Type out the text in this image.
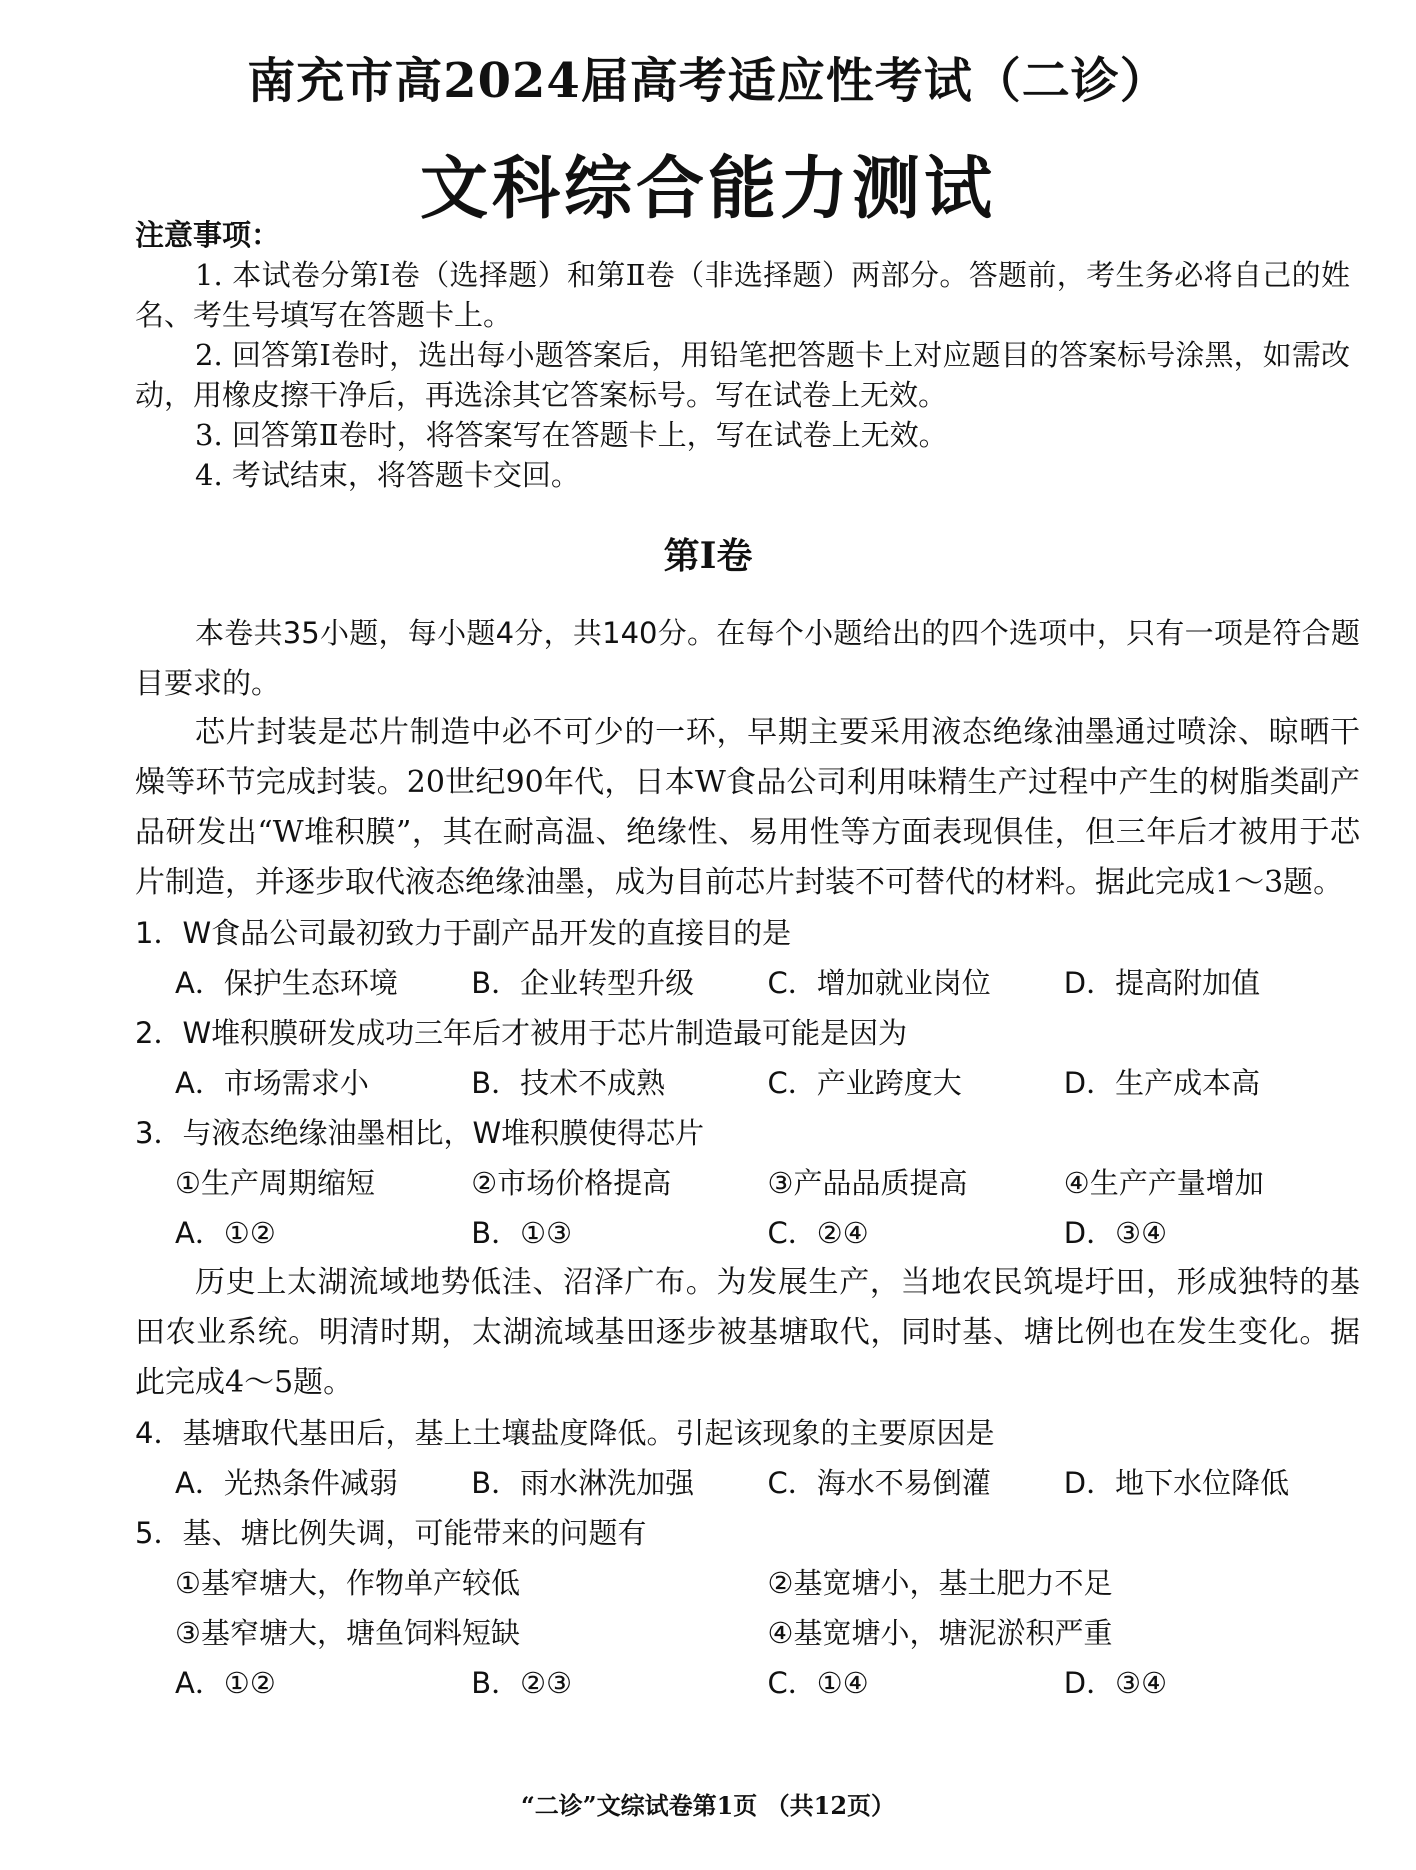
南充市高2024届高考适应性考试（二诊）
文科综合能力测试
注意事项：

1. 本试卷分第Ⅰ卷（选择题）和第Ⅱ卷（非选择题）两部分。答题前，考生务必将自己的姓名、考生号填写在答题卡上。

2. 回答第Ⅰ卷时，选出每小题答案后，用铅笔把答题卡上对应题目的答案标号涂黑，如需改动，用橡皮擦干净后，再选涂其它答案标号。写在试卷上无效。

3. 回答第Ⅱ卷时，将答案写在答题卡上，写在试卷上无效。

4. 考试结束，将答题卡交回。

第Ⅰ卷

本卷共35小题，每小题4分，共140分。在每个小题给出的四个选项中，只有一项是符合题目要求的。

芯片封装是芯片制造中必不可少的一环，早期主要采用液态绝缘油墨通过喷涂、晾晒干燥等环节完成封装。20世纪90年代，日本W食品公司利用味精生产过程中产生的树脂类副产品研发出“W堆积膜”，其在耐高温、绝缘性、易用性等方面表现俱佳，但三年后才被用于芯片制造，并逐步取代液态绝缘油墨，成为目前芯片封装不可替代的材料。据此完成1～3题。

1．W食品公司最初致力于副产品开发的直接目的是

A．保护生态环境	B．企业转型升级	C．增加就业岗位	D．提高附加值

2．W堆积膜研发成功三年后才被用于芯片制造最可能是因为

A．市场需求小	B．技术不成熟	C．产业跨度大	D．生产成本高

3．与液态绝缘油墨相比，W堆积膜使得芯片

①生产周期缩短	②市场价格提高	③产品品质提高	④生产产量增加
A．①②	B．①③	C．②④	D．③④

历史上太湖流域地势低洼、沼泽广布。为发展生产，当地农民筑堤圩田，形成独特的基田农业系统。明清时期，太湖流域基田逐步被基塘取代，同时基、塘比例也在发生变化。据此完成4～5题。

4．基塘取代基田后，基上土壤盐度降低。引起该现象的主要原因是

A．光热条件减弱	B．雨水淋洗加强	C．海水不易倒灌	D．地下水位降低

5．基、塘比例失调，可能带来的问题有

①基窄塘大，作物单产较低	②基宽塘小，基土肥力不足
③基窄塘大，塘鱼饲料短缺	④基宽塘小，塘泥淤积严重
A．①②	B．②③	C．①④	D．③④
“二诊”文综试卷第1页 （共12页）
